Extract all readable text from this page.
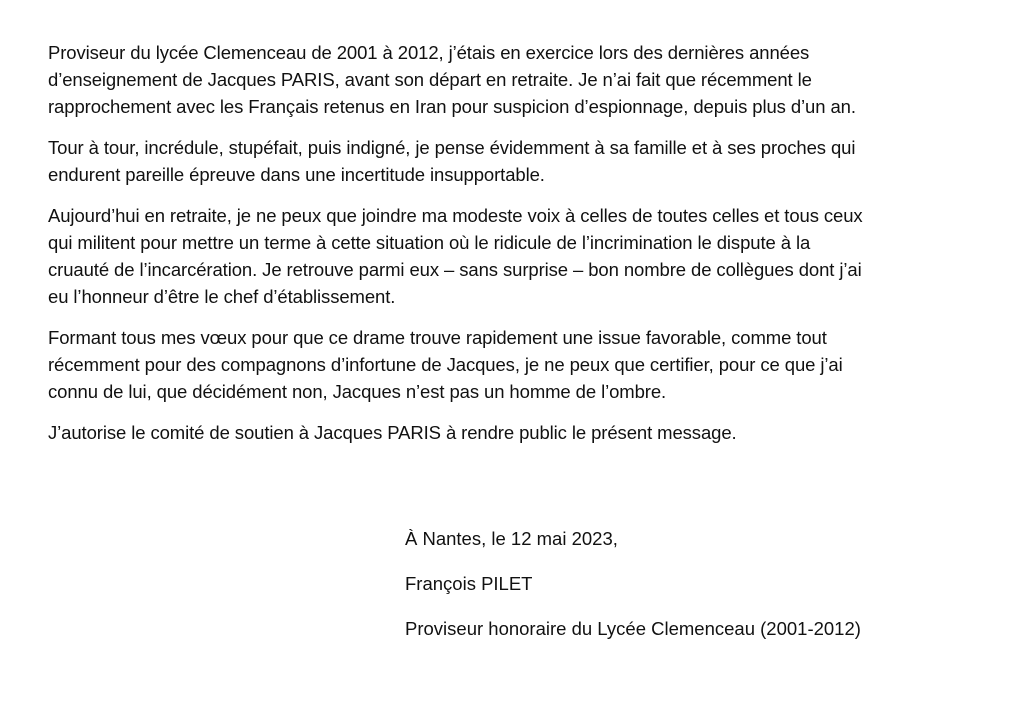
Proviseur du lycée Clemenceau de 2001 à 2012, j’étais en exercice lors des dernières années
d’enseignement de Jacques PARIS, avant son départ en retraite. Je n’ai fait que récemment le
rapprochement avec les Français retenus en Iran pour suspicion d’espionnage, depuis plus d’un an.

Tour à tour, incrédule, stupéfait, puis indigné, je pense évidemment à sa famille et à ses proches qui
endurent pareille épreuve dans une incertitude insupportable.

Aujourd’hui en retraite, je ne peux que joindre ma modeste voix à celles de toutes celles et tous ceux
qui militent pour mettre un terme à cette situation où le ridicule de l’incrimination le dispute à la
cruauté de l’incarcération. Je retrouve parmi eux – sans surprise – bon nombre de collègues dont j’ai
eu l’honneur d’être le chef d’établissement.

Formant tous mes vœux pour que ce drame trouve rapidement une issue favorable, comme tout
récemment pour des compagnons d’infortune de Jacques, je ne peux que certifier, pour ce que j’ai
connu de lui, que décidément non, Jacques n’est pas un homme de l’ombre.

J’autorise le comité de soutien à Jacques PARIS à rendre public le présent message.

À Nantes, le 12 mai 2023,

François PILET

Proviseur honoraire du Lycée Clemenceau (2001-2012)
